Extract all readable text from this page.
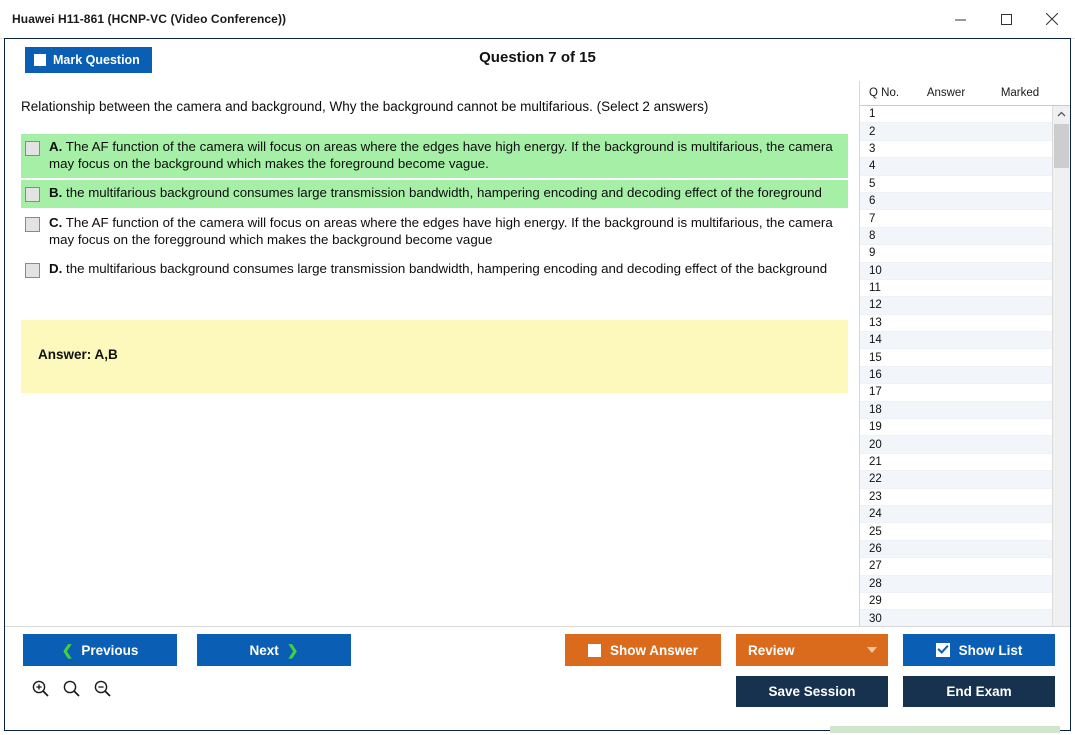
Huawei H11-861 (HCNP-VC (Video Conference))
Mark Question	Question 7 of 15
Relationship between the camera and background, Why the background cannot be multifarious. (Select 2 answers)
A. The AF function of the camera will focus on areas where the edges have high energy. If the background is multifarious, the camera may focus on the background which makes the foreground become vague.
B. the multifarious background consumes large transmission bandwidth, hampering encoding and decoding effect of the foreground
C. The AF function of the camera will focus on areas where the edges have high energy. If the background is multifarious, the camera may focus on the foregground which makes the background become vague
D. the multifarious background consumes large transmission bandwidth, hampering encoding and decoding effect of the background
Answer: A,B
Q No.	Answer	Marked
1
2
3
4
5
6
7
8
9
10
11
12
13
14
15
16
17
18
19
20
21
22
23
24
25
26
27
28
29
30
❮ Previous	Next ❯	Show Answer	Review	Show List
Save Session	End Exam
